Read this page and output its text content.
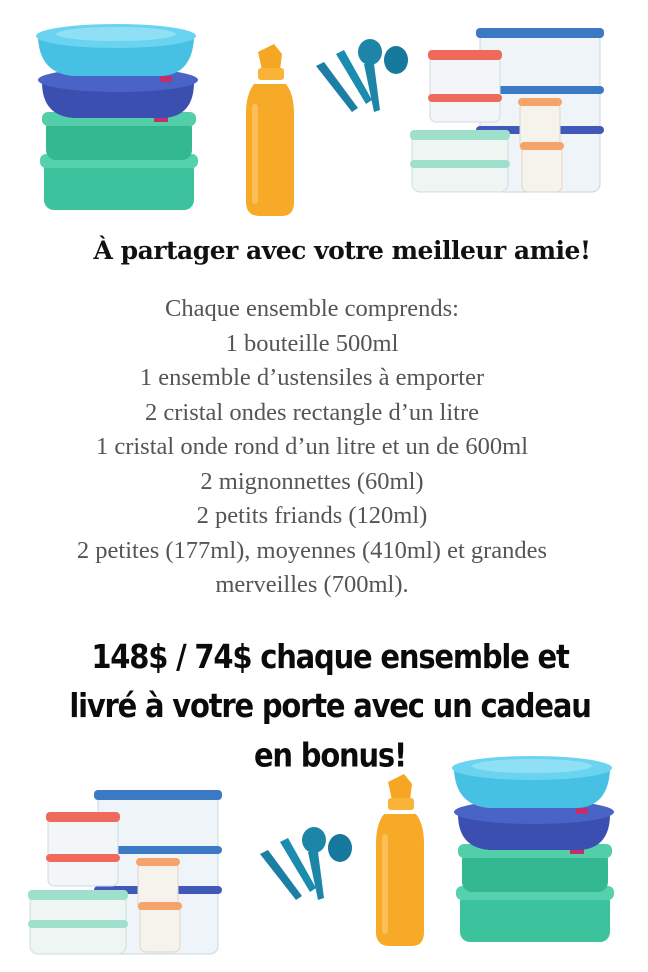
À partager avec votre meilleur amie!
Chaque ensemble comprends:
1 bouteille 500ml
1 ensemble d’ustensiles à emporter
2 cristal ondes rectangle d’un litre
1 cristal onde rond d’un litre et un de 600ml
2 mignonnettes (60ml)
2 petits friands (120ml)
2 petites (177ml), moyennes (410ml) et grandes
merveilles (700ml).
148$ / 74$ chaque ensemble et
livré à votre porte avec un cadeau
en bonus!
